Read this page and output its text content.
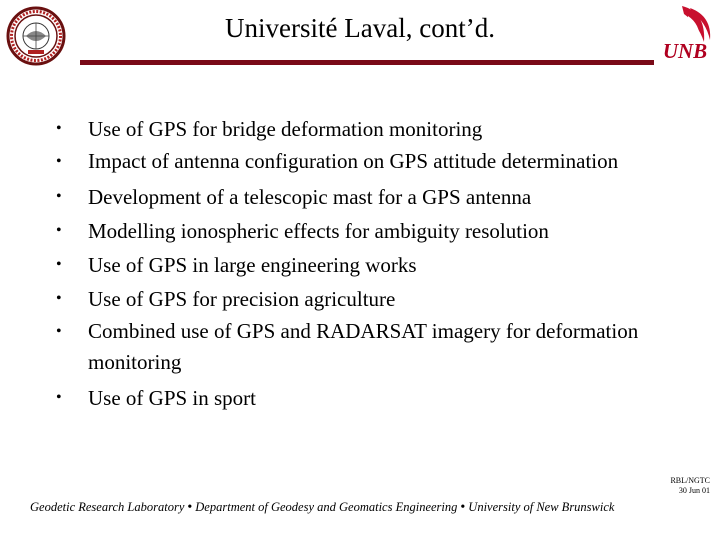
Université Laval, cont’d.
UNB
• Use of GPS for bridge deformation monitoring
• Impact of antenna configuration on GPS attitude determination
• Development of a telescopic mast for a GPS antenna
• Modelling ionospheric effects for ambiguity resolution
• Use of GPS in large engineering works
• Use of GPS for precision agriculture
• Combined use of GPS and RADARSAT imagery for deformation monitoring
• Use of GPS in sport
RBL/NGTC
30 Jun 01
Geodetic Research Laboratory • Department of Geodesy and Geomatics Engineering • University of New Brunswick
